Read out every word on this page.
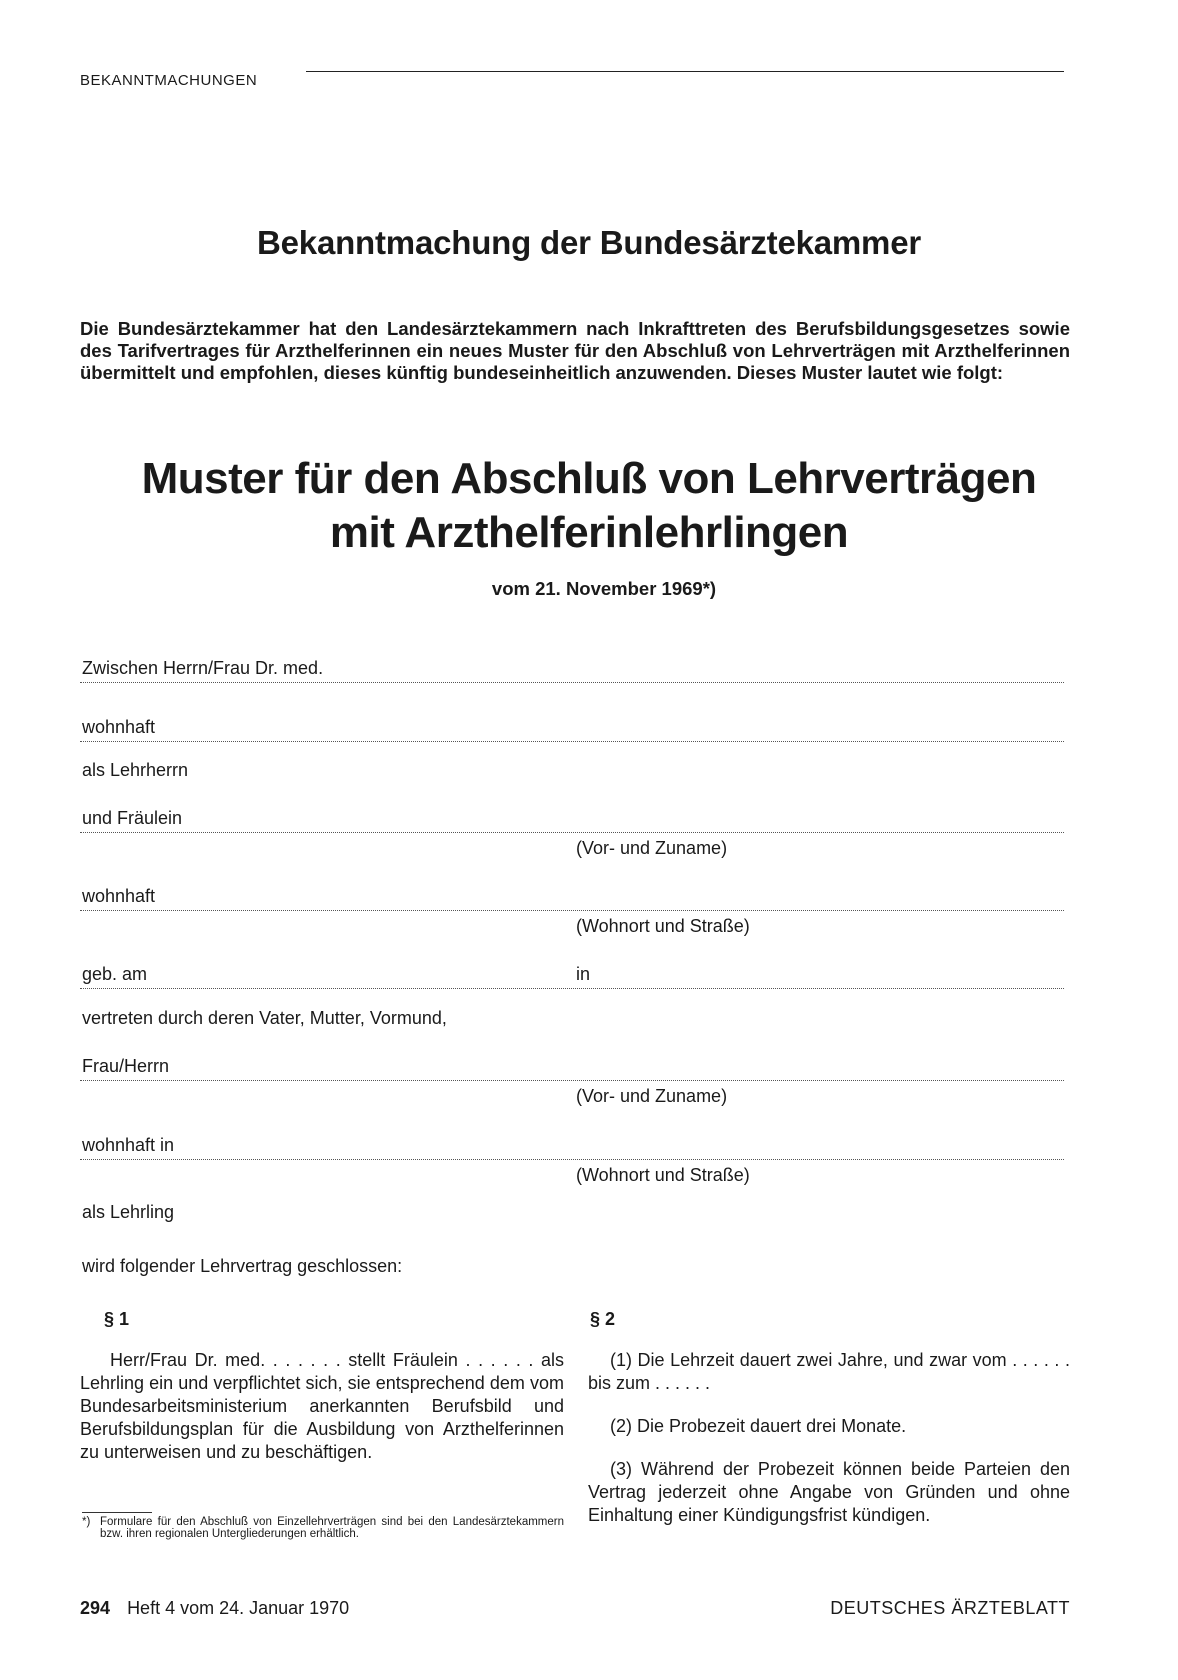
BEKANNTMACHUNGEN
Bekanntmachung der Bundesärztekammer
Die Bundesärztekammer hat den Landesärztekammern nach Inkrafttreten des Berufsbildungsgesetzes sowie des Tarifvertrages für Arzthelferinnen ein neues Muster für den Abschluß von Lehrverträgen mit Arzthelferinnen übermittelt und empfohlen, dieses künftig bundeseinheitlich anzuwenden. Dieses Muster lautet wie folgt:
Muster für den Abschluß von Lehrverträgen
mit Arzthelferinlehrlingen
vom 21. November 1969*)
Zwischen Herrn/Frau Dr. med.
wohnhaft
als Lehrherrn
und Fräulein
(Vor- und Zuname)
wohnhaft
(Wohnort und Straße)
geb. am	in
vertreten durch deren Vater, Mutter, Vormund,
Frau/Herrn
(Vor- und Zuname)
wohnhaft in
(Wohnort und Straße)
als Lehrling
wird folgender Lehrvertrag geschlossen:
§ 1

Herr/Frau Dr. med. . . . . . . stellt Fräulein . . . . . . als Lehrling ein und verpflichtet sich, sie entsprechend dem vom Bundesarbeitsministerium anerkannten Berufsbild und Berufsbildungsplan für die Ausbildung von Arzthelferinnen zu unterweisen und zu beschäftigen.

§ 2

(1) Die Lehrzeit dauert zwei Jahre, und zwar vom . . . . . . bis zum . . . . . .

(2) Die Probezeit dauert drei Monate.

(3) Während der Probezeit können beide Parteien den Vertrag jederzeit ohne Angabe von Gründen und ohne Einhaltung einer Kündigungsfrist kündigen.

*) Formulare für den Abschluß von Einzellehrverträgen sind bei den Landesärztekammern bzw. ihren regionalen Untergliederungen erhältlich.
294 Heft 4 vom 24. Januar 1970	DEUTSCHES ÄRZTEBLATT
